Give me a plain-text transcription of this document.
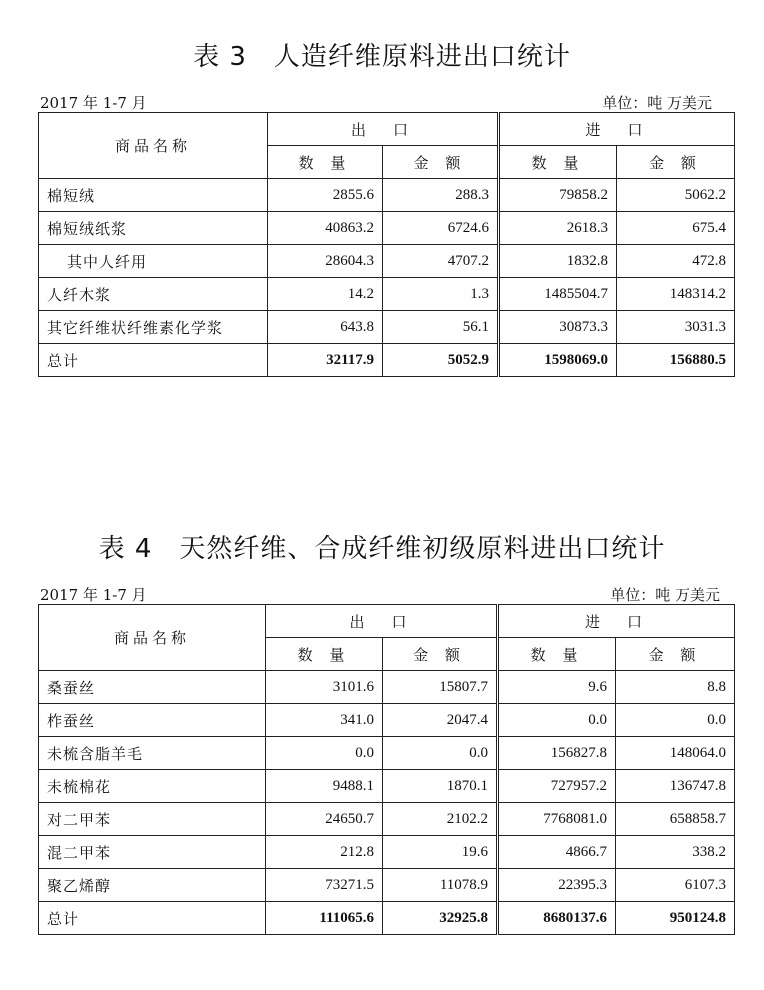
表 3　人造纤维原料进出口统计
2017 年 1-7 月	单位：吨 万美元
商品名称	出　口		进　口	
	数 量	金 额	数 量	金 额
棉短绒	2855.6	288.3	79858.2	5062.2
棉短绒纸浆	40863.2	6724.6	2618.3	675.4
其中人纤用	28604.3	4707.2	1832.8	472.8
人纤木浆	14.2	1.3	1485504.7	148314.2
其它纤维状纤维素化学浆	643.8	56.1	30873.3	3031.3
总计	32117.9	5052.9	1598069.0	156880.5
表 4　天然纤维、合成纤维初级原料进出口统计
2017 年 1-7 月	单位：吨 万美元
商品名称	出　口		进　口	
	数 量	金 额	数 量	金 额
桑蚕丝	3101.6	15807.7	9.6	8.8
柞蚕丝	341.0	2047.4	0.0	0.0
未梳含脂羊毛	0.0	0.0	156827.8	148064.0
未梳棉花	9488.1	1870.1	727957.2	136747.8
对二甲苯	24650.7	2102.2	7768081.0	658858.7
混二甲苯	212.8	19.6	4866.7	338.2
聚乙烯醇	73271.5	11078.9	22395.3	6107.3
总计	111065.6	32925.8	8680137.6	950124.8
